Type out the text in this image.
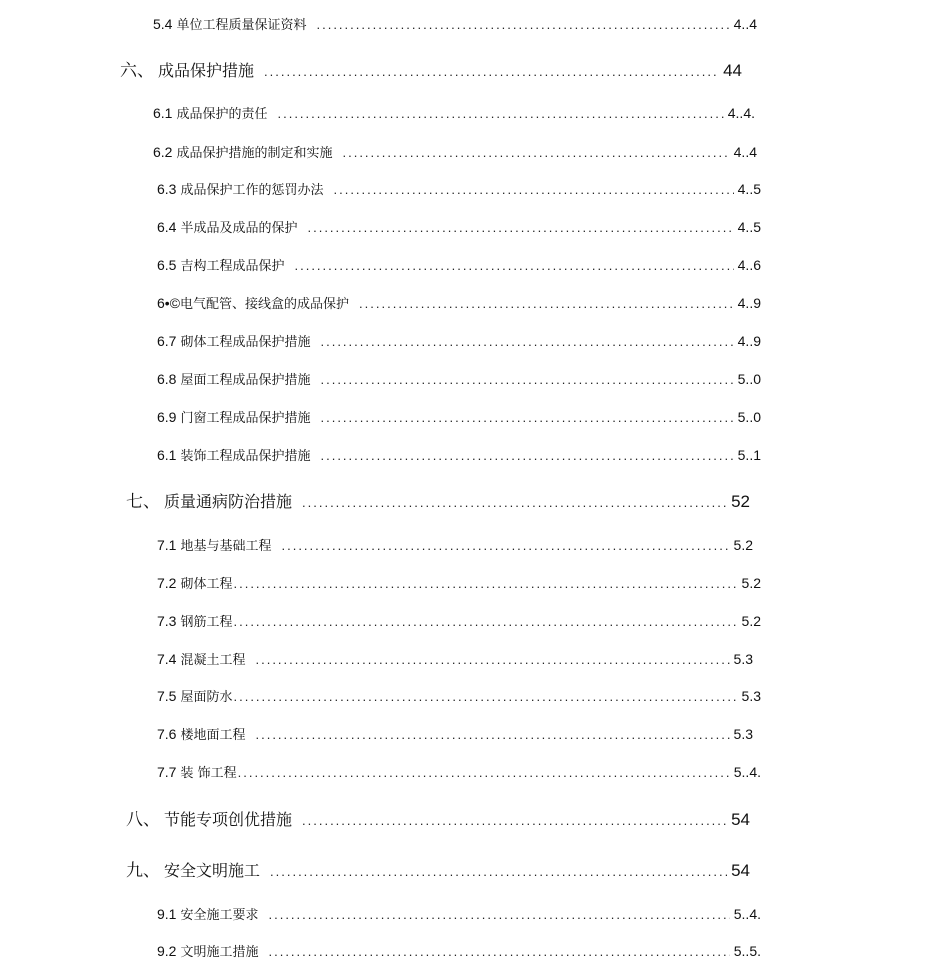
5.4 单位工程质量保证资料 .....	4..4
六、 成品保护措施 .....	44
6.1 成品保护的责任 .....	4..4.
6.2 成品保护措施的制定和实施 .....	4..4
6.3 成品保护工作的惩罚办法 .....	4..5
6.4 半成品及成品的保护 .....	4..5
6.5 吉构工程成品保护 .....	4..6
6•© 电气配管、接线盒的成品保护 .....	4..9
6.7 砌体工程成品保护措施 .....	4..9
6.8 屋面工程成品保护措施 .....	5..0
6.9 门窗工程成品保护措施 .....	5..0
6.1 装饰工程成品保护措施 .....	5..1
七、 质量通病防治措施 .....	52
7.1 地基与基础工程 .....	5.2
7.2 砌体工程 .....	5.2
7.3 钢筋工程 .....	5.2
7.4 混凝土工程 .....	5.3
7.5 屋面防水 .....	5.3
7.6 楼地面工程 .....	5.3
7.7 装 饰工程 .....	5..4.
八、 节能专项创优措施 .....	54
九、 安全文明施工 .....	54
9.1 安全施工要求 .....	5..4.
9.2 文明施工措施 .....	5..5.
